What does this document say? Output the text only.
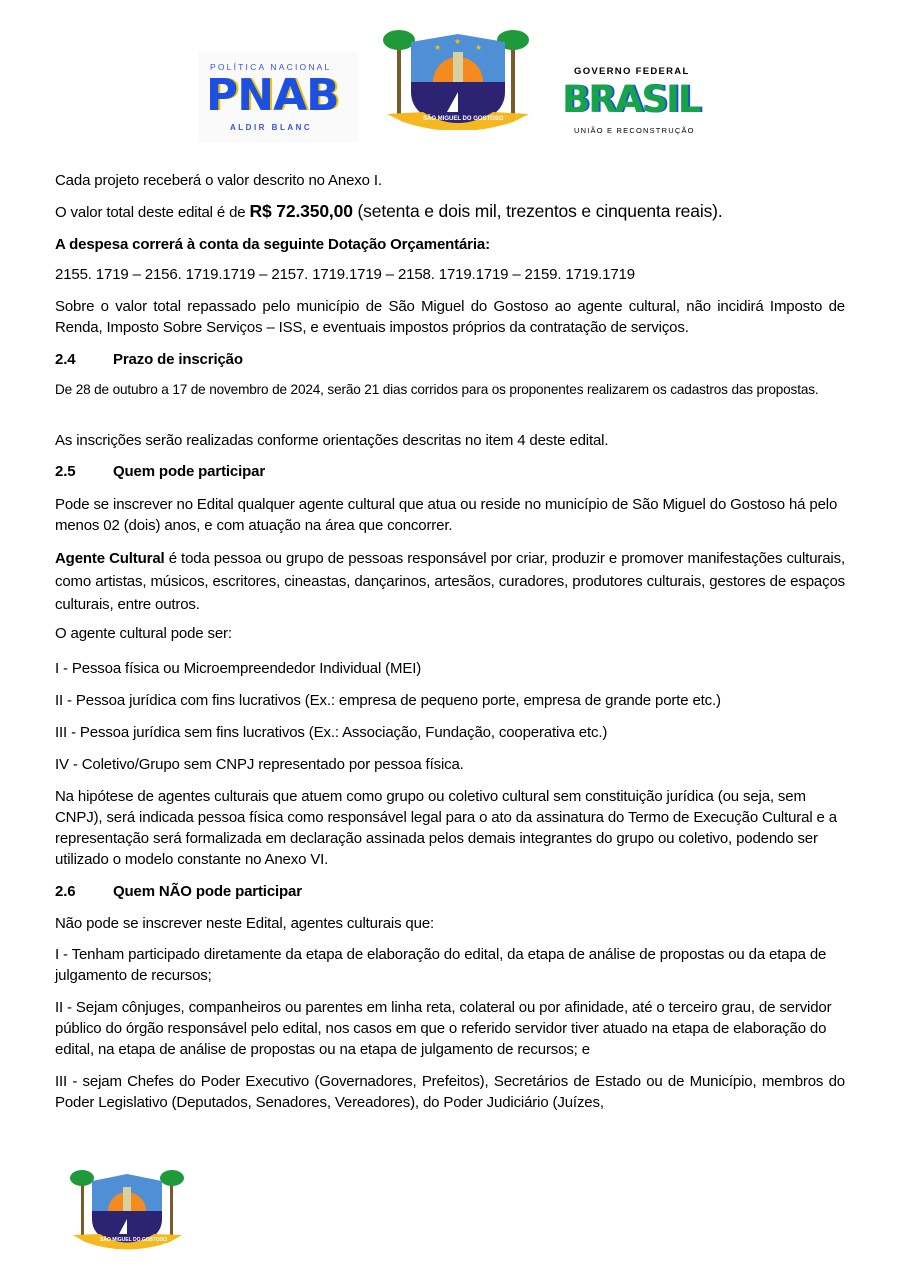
POLÍTICA NACIONAL
PNAB
ALDIR BLANC
★
★
★
SÃO MIGUEL DO GOSTOSO
GOVERNO FEDERAL
BRASIL
UNIÃO E RECONSTRUÇÃO
Cada projeto receberá o valor descrito no Anexo I.
O valor total deste edital é de R$ 72.350,00 (setenta e dois mil, trezentos e cinquenta reais).
A despesa correrá à conta da seguinte Dotação Orçamentária:
2155. 1719 – 2156. 1719.1719 – 2157. 1719.1719 – 2158. 1719.1719 – 2159. 1719.1719
Sobre o valor total repassado pelo município de São Miguel do Gostoso ao agente cultural, não incidirá Imposto de Renda, Imposto Sobre Serviços – ISS, e eventuais impostos próprios da contratação de serviços.
2.4	Prazo de inscrição
De 28 de outubro a 17 de novembro de 2024, serão 21 dias corridos para os proponentes realizarem os cadastros das propostas.
As inscrições serão realizadas conforme orientações descritas no item 4 deste edital.
2.5	Quem pode participar
Pode se inscrever no Edital qualquer agente cultural que atua ou reside no município de São Miguel do Gostoso há pelo menos 02 (dois) anos, e com atuação na área que concorrer.
Agente Cultural é toda pessoa ou grupo de pessoas responsável por criar, produzir e promover manifestações culturais, como artistas, músicos, escritores, cineastas, dançarinos, artesãos, curadores, produtores culturais, gestores de espaços culturais, entre outros.
O agente cultural pode ser:
I - Pessoa física ou Microempreendedor Individual (MEI)
II - Pessoa jurídica com fins lucrativos (Ex.: empresa de pequeno porte, empresa de grande porte etc.)
III - Pessoa jurídica sem fins lucrativos (Ex.: Associação, Fundação, cooperativa etc.)
IV - Coletivo/Grupo sem CNPJ representado por pessoa física.
Na hipótese de agentes culturais que atuem como grupo ou coletivo cultural sem constituição jurídica (ou seja, sem CNPJ), será indicada pessoa física como responsável legal para o ato da assinatura do Termo de Execução Cultural e a representação será formalizada em declaração assinada pelos demais integrantes do grupo ou coletivo, podendo ser utilizado o modelo constante no Anexo VI.
2.6	Quem NÃO pode participar
Não pode se inscrever neste Edital, agentes culturais que:
I - Tenham participado diretamente da etapa de elaboração do edital, da etapa de análise de propostas ou da etapa de julgamento de recursos;
II - Sejam cônjuges, companheiros ou parentes em linha reta, colateral ou por afinidade, até o terceiro grau, de servidor público do órgão responsável pelo edital, nos casos em que o referido servidor tiver atuado na etapa de elaboração do edital, na etapa de análise de propostas ou na etapa de julgamento de recursos; e
III - sejam Chefes do Poder Executivo (Governadores, Prefeitos), Secretários de Estado ou de Município, membros do Poder Legislativo (Deputados, Senadores, Vereadores), do Poder Judiciário (Juízes,
SÃO MIGUEL DO GOSTOSO
